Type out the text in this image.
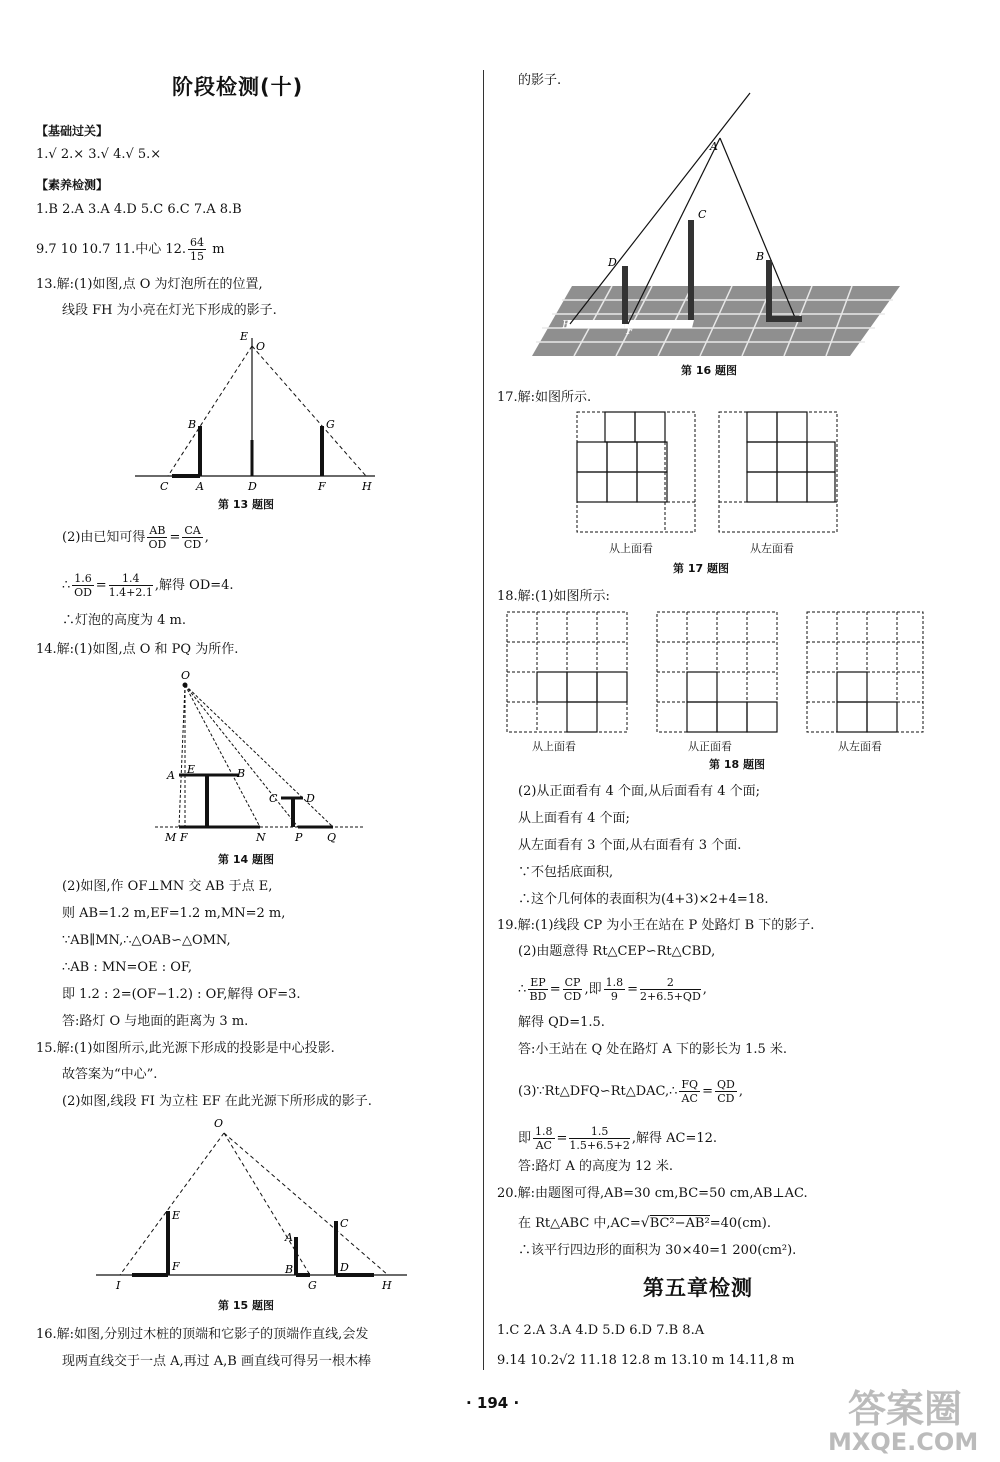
阶段检测(十)
【基础过关】
1.√ 2.× 3.√ 4.√ 5.×
【素养检测】
1.B 2.A 3.A 4.D 5.C 6.C 7.A 8.B
9.7 10 10.7 11.中心 12. $\frac{64}{15}$ m
13.解:(1)如图,点 O 为灯泡所在的位置,
线段 FH 为小亮在灯光下形成的影子.
E
O
B	G
C	A	D	F	H
第 13 题图
(2)由已知可得 $\frac{AB}{OD} = \frac{CA}{CD}$ ,
∴ $\frac{1.6}{OD} = \frac{1.4}{1.4+2.1}$ ,解得 OD=4.
∴灯泡的高度为 4 m.
14.解:(1)如图,点 O 和 PQ 为所作.
O
A E	B
C	D
M F	N	P Q
第 14 题图
(2)如图,作 OF⊥MN 交 AB 于点 E,
则 AB=1.2 m,EF=1.2 m,MN=2 m,
∵AB∥MN,∴△OAB∽△OMN,
∴AB : MN=OE : OF,
即 1.2 : 2=(OF−1.2) : OF,解得 OF=3.
答:路灯 O 与地面的距离为 3 m.
15.解:(1)如图所示,此光源下形成的投影是中心投影.
故答案为“中心”.
(2)如图,线段 FI 为立柱 EF 在此光源下所形成的影子.
O
E
A
C
I
F	B
G
D
H
第 15 题图
16.解:如图,分别过木桩的顶端和它影子的顶端作直线,会发
现两直线交于一点 A,再过 A,B 画直线可得另一根木棒
的影子.
A
C
D	B
E	F
第 16 题图
17.解:如图所示.
从上面看	从左面看
第 17 题图
18.解:(1)如图所示:
从上面看	从正面看	从左面看
第 18 题图
(2)从正面看有 4 个面,从后面看有 4 个面;
从上面看有 4 个面;
从左面看有 3 个面,从右面看有 3 个面.
∵不包括底面积,
∴这个几何体的表面积为(4+3)×2+4=18.
19.解:(1)线段 CP 为小王在站在 P 处路灯 B 下的影子.
(2)由题意得 Rt△CEP∽Rt△CBD,
∴ $\frac{EP}{BD} = \frac{CP}{CD}$ ,即 $\frac{1.8}{9} = \frac{2}{2+6.5+QD}$ ,
解得 QD=1.5.
答:小王站在 Q 处在路灯 A 下的影长为 1.5 米.
(3)∵Rt△DFQ∽Rt△DAC,∴ $\frac{FQ}{AC} = \frac{QD}{CD}$ ,
即 $\frac{1.8}{AC} = \frac{1.5}{1.5+6.5+2}$ ,解得 AC=12.
答:路灯 A 的高度为 12 米.
20.解:由题图可得,AB=30 cm,BC=50 cm,AB⊥AC.
在 Rt△ABC 中,AC=√BC²−AB²=40(cm).
∴该平行四边形的面积为 30×40=1 200(cm²).
第五章检测
1.C 2.A 3.A 4.D 5.D 6.D 7.B 8.A
9.14 10.2√2 11.18 12.8 m 13.10 m 14.11,8 m
· 194 ·	答案圈
MXQE.COM
